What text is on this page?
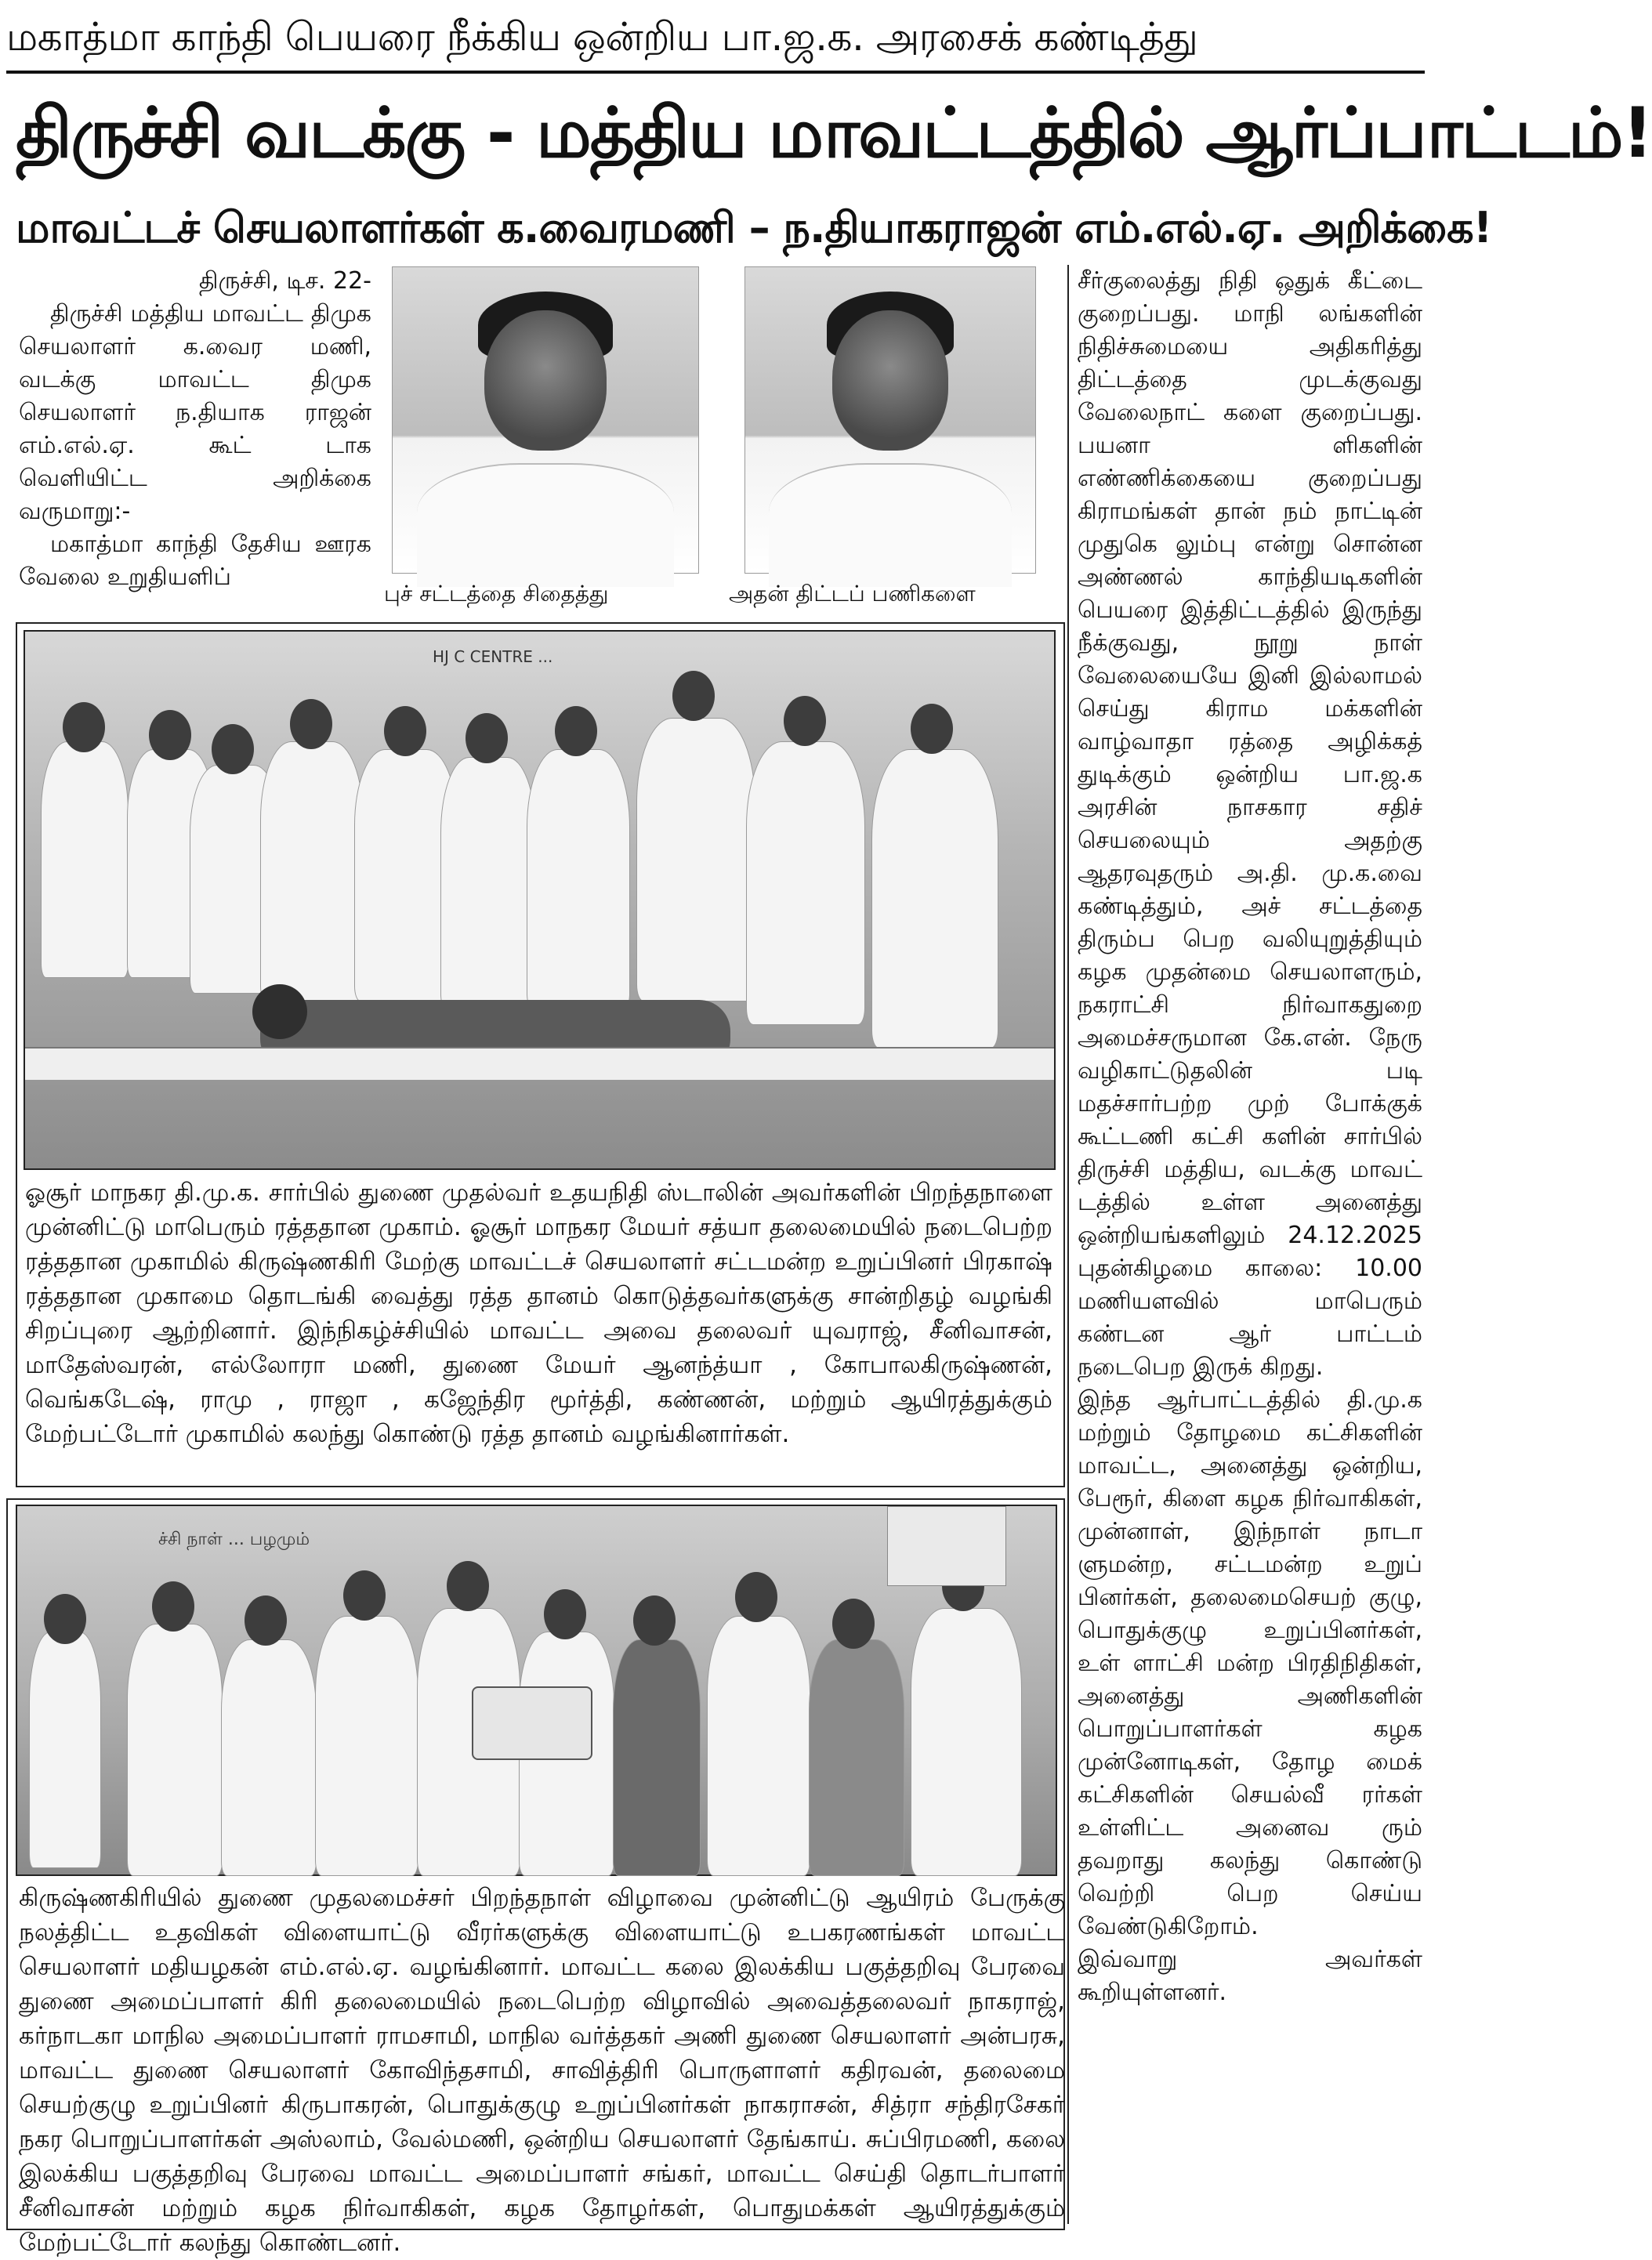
மகாத்மா காந்தி பெயரை நீக்கிய ஒன்றிய பா.ஜ.க. அரசைக் கண்டித்து
திருச்சி வடக்கு - மத்திய மாவட்டத்தில் ஆர்ப்பாட்டம்!
மாவட்டச் செயலாளர்கள் க.வைரமணி – ந.தியாகராஜன் எம்.எல்.ஏ. அறிக்கை!

திருச்சி, டிச. 22-

திருச்சி மத்திய மாவட்ட திமுக செயலாளர் க.வைர மணி, வடக்கு மாவட்ட திமுக செயலாளர் ந.தியாக ராஜன் எம்.எல்.ஏ. கூட் டாக வெளியிட்ட அறிக்கை வருமாறு:-

மகாத்மா காந்தி தேசிய ஊரக வேலை உறுதியளிப்

புச் சட்டத்தை சிதைத்து	அதன் திட்டப் பணிகளை
HJ C CENTRE ...
ஓசூர் மாநகர தி.மு.க. சார்பில் துணை முதல்வர் உதயநிதி ஸ்டாலின் அவர்களின் பிறந்தநாளை முன்னிட்டு மாபெரும் ரத்ததான முகாம். ஓசூர் மாநகர மேயர் சத்யா தலைமையில் நடைபெற்ற ரத்ததான முகாமில் கிருஷ்ணகிரி மேற்கு மாவட்டச் செயலாளர் சட்டமன்ற உறுப்பினர் பிரகாஷ் ரத்ததான முகாமை தொடங்கி வைத்து ரத்த தானம் கொடுத்தவர்களுக்கு சான்றிதழ் வழங்கி சிறப்புரை ஆற்றினார். இந்நிகழ்ச்சியில் மாவட்ட அவை தலைவர் யுவராஜ், சீனிவாசன், மாதேஸ்வரன், எல்லோரா மணி, துணை மேயர் ஆனந்த்யா , கோபாலகிருஷ்ணன், வெங்கடேஷ், ராமு , ராஜா , கஜேந்திர மூர்த்தி, கண்ணன், மற்றும் ஆயிரத்துக்கும் மேற்பட்டோர் முகாமில் கலந்து கொண்டு ரத்த தானம் வழங்கினார்கள்.
ச்சி நாள் ... பழமும்
கிருஷ்ணகிரியில் துணை முதலமைச்சர் பிறந்தநாள் விழாவை முன்னிட்டு ஆயிரம் பேருக்கு நலத்திட்ட உதவிகள் விளையாட்டு வீரர்களுக்கு விளையாட்டு உபகரணங்கள் மாவட்ட செயலாளர் மதியழகன் எம்.எல்.ஏ. வழங்கினார். மாவட்ட கலை இலக்கிய பகுத்தறிவு பேரவை துணை அமைப்பாளர் கிரி தலைமையில் நடைபெற்ற விழாவில் அவைத்தலைவர் நாகராஜ், கர்நாடகா மாநில அமைப்பாளர் ராமசாமி, மாநில வர்த்தகர் அணி துணை செயலாளர் அன்பரசு, மாவட்ட துணை செயலாளர் கோவிந்தசாமி, சாவித்திரி பொருளாளர் கதிரவன், தலைமை செயற்குழு உறுப்பினர் கிருபாகரன், பொதுக்குழு உறுப்பினர்கள் நாகராசன், சித்ரா சந்திரசேகர் நகர பொறுப்பாளர்கள் அஸ்லாம், வேல்மணி, ஒன்றிய செயலாளர் தேங்காய். சுப்பிரமணி, கலை இலக்கிய பகுத்தறிவு பேரவை மாவட்ட அமைப்பாளர் சங்கர், மாவட்ட செய்தி தொடர்பாளர் சீனிவாசன் மற்றும் கழக நிர்வாகிகள், கழக தோழர்கள், பொதுமக்கள் ஆயிரத்துக்கும் மேற்பட்டோர் கலந்து கொண்டனர்.

சீர்குலைத்து நிதி ஒதுக் கீட்டை குறைப்பது. மாநி லங்களின் நிதிச்சுமையை அதிகரித்து திட்டத்தை முடக்குவது வேலைநாட் களை குறைப்பது. பயனா ளிகளின் எண்ணிக்கையை குறைப்பது கிராமங்கள் தான் நம் நாட்டின் முதுகெ லும்பு என்று சொன்ன அண்ணல் காந்தியடிகளின் பெயரை இத்திட்டத்தில் இருந்து நீக்குவது, நூறு நாள் வேலையையே இனி இல்லாமல் செய்து கிராம மக்களின் வாழ்வாதா ரத்தை அழிக்கத் துடிக்கும் ஒன்றிய பா.ஜ.க அரசின் நாசகார சதிச் செயலையும் அதற்கு ஆதரவுதரும் அ.தி. மு.க.வை கண்டித்தும், அச் சட்டத்தை திரும்ப பெற வலியுறுத்தியும் கழக முதன்மை செயலாளரும், நகராட்சி நிர்வாகதுறை அமைச்சருமான கே.என். நேரு வழிகாட்டுதலின் படி மதச்சார்பற்ற முற் போக்குக் கூட்டணி கட்சி களின் சார்பில் திருச்சி மத்திய, வடக்கு மாவட் டத்தில் உள்ள அனைத்து ஒன்றியங்களிலும் 24.12.2025 புதன்கிழமை காலை: 10.00 மணியளவில் மாபெரும் கண்டன ஆர் பாட்டம் நடைபெற இருக் கிறது.

இந்த ஆர்பாட்டத்தில் தி.மு.க மற்றும் தோழமை கட்சிகளின் மாவட்ட, அனைத்து ஒன்றிய, பேரூர், கிளை கழக நிர்வாகிகள், முன்னாள், இந்நாள் நாடா ளுமன்ற, சட்டமன்ற உறுப் பினர்கள், தலைமைசெயற் குழு, பொதுக்குழு உறுப்பினர்கள், உள் ளாட்சி மன்ற பிரதிநிதிகள், அனைத்து அணிகளின் பொறுப்பாளர்கள் கழக முன்னோடிகள், தோழ மைக் கட்சிகளின் செயல்வீ ரர்கள் உள்ளிட்ட அனைவ ரும் தவறாது கலந்து கொண்டு வெற்றி பெற செய்ய வேண்டுகிறோம்.

இவ்வாறு அவர்கள் கூறியுள்ளனர்.
